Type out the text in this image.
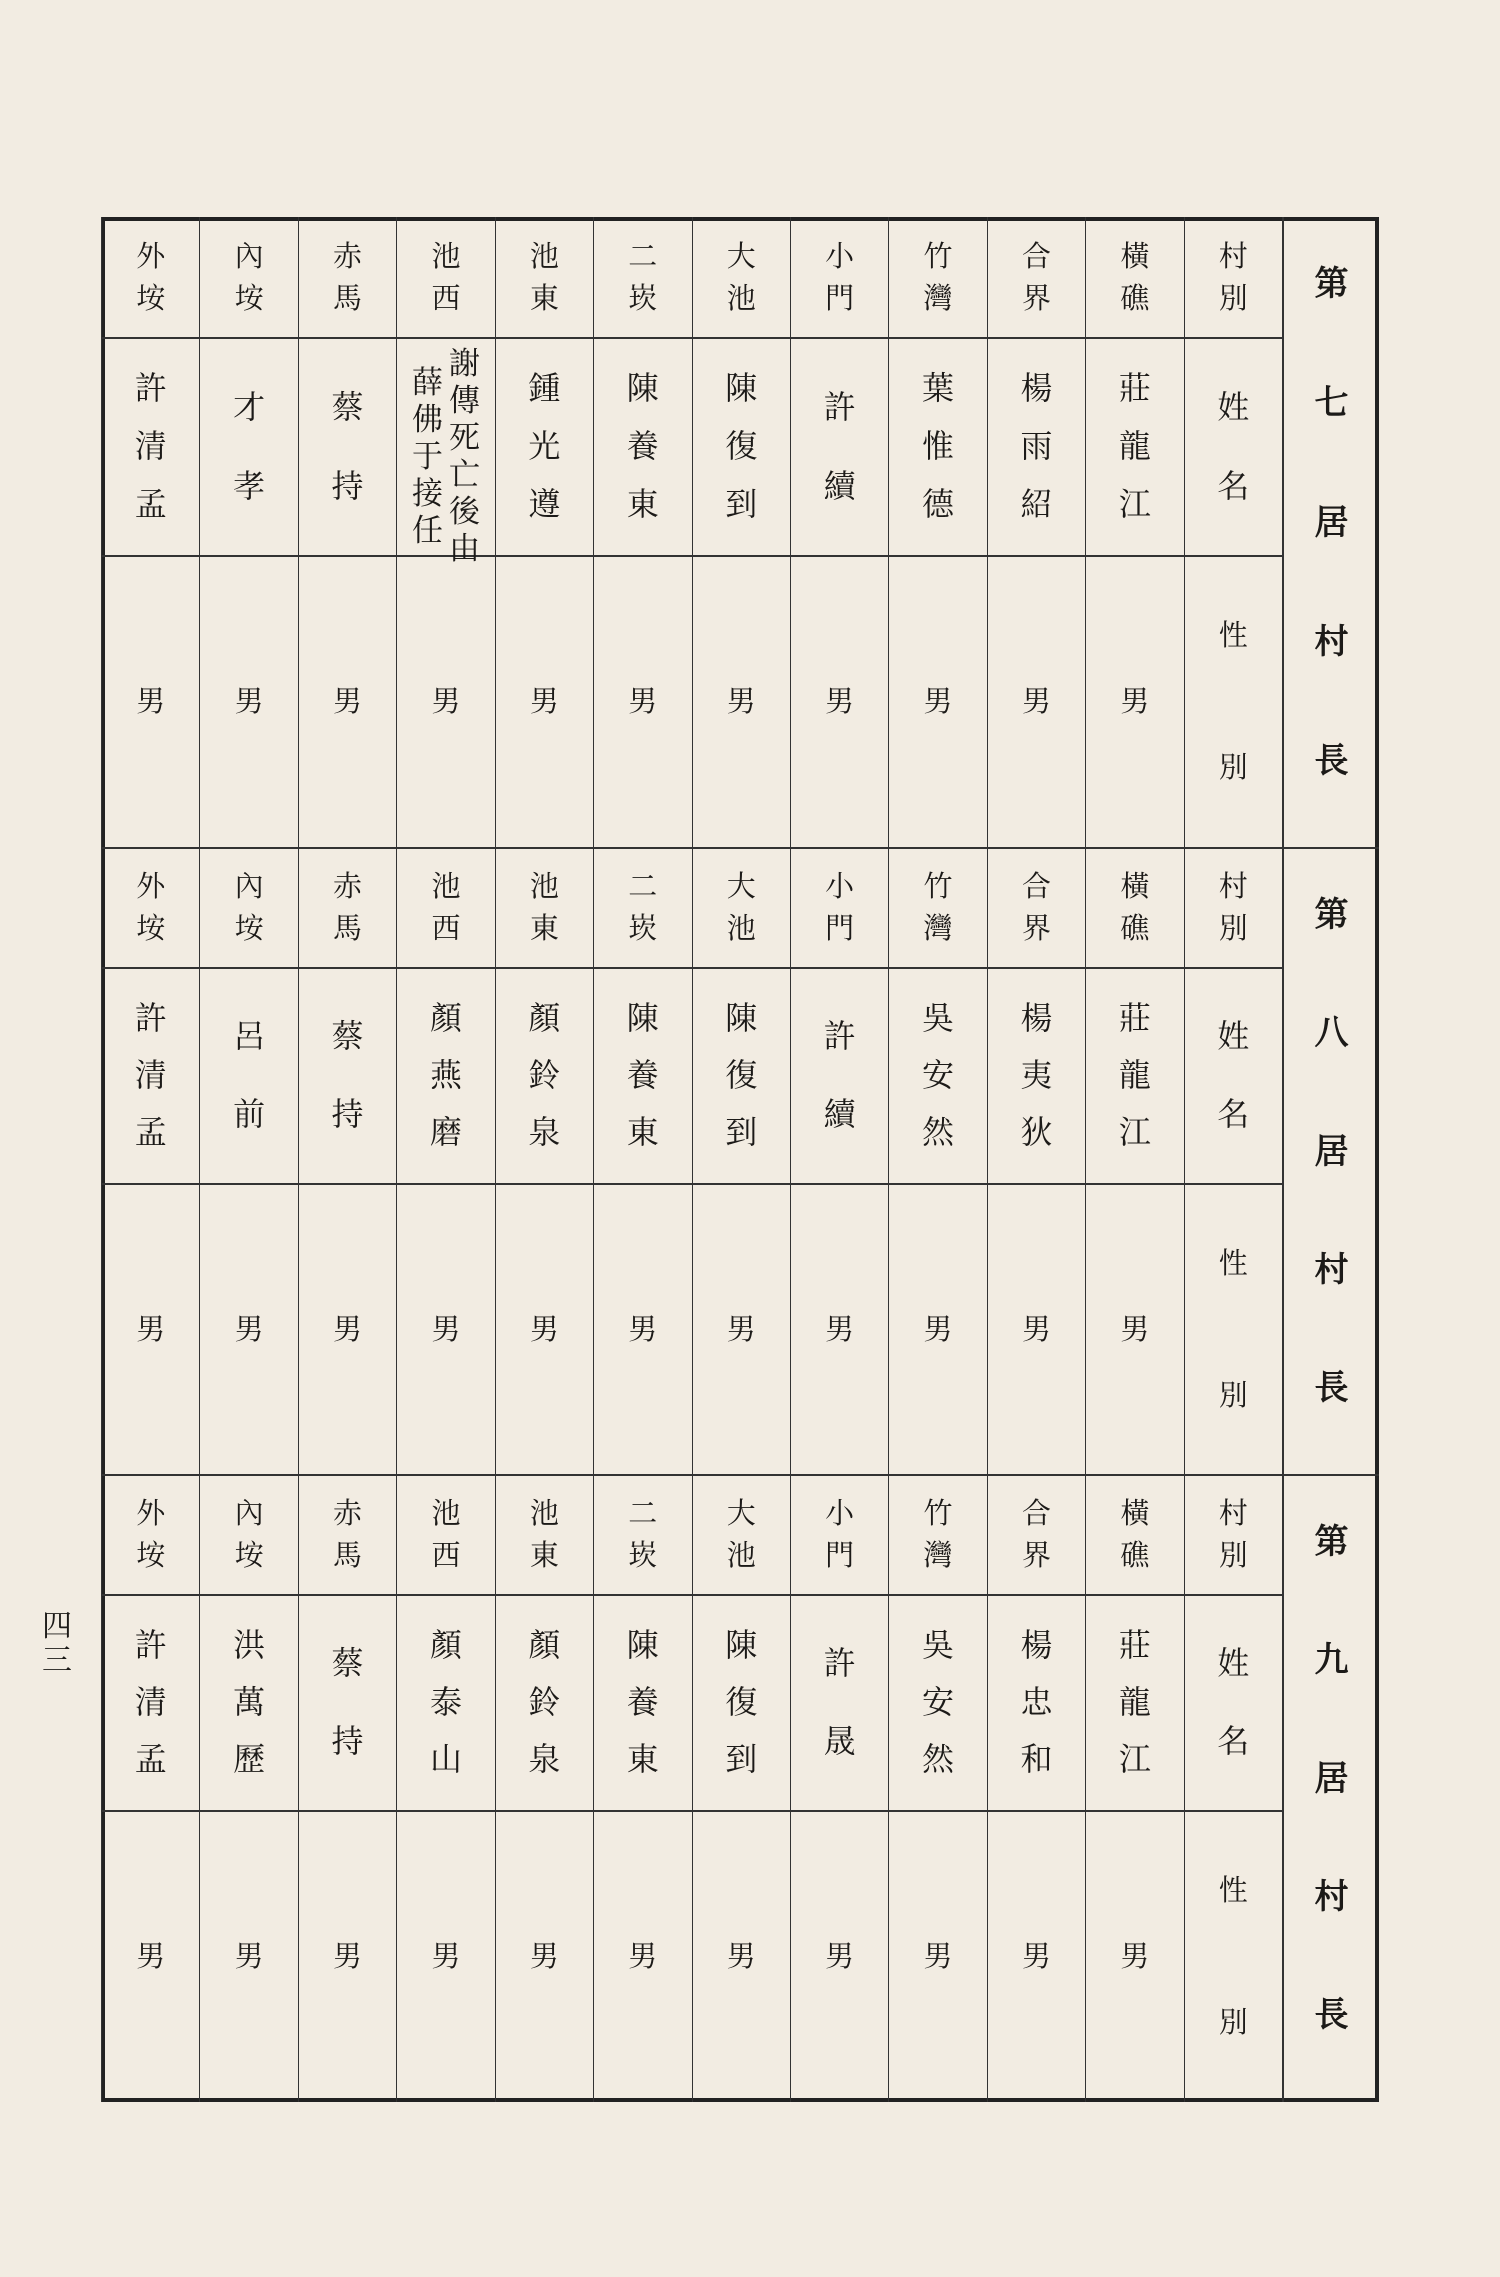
第
七
居
村
長
村
別
姓
名
性
別
橫
礁
莊
龍
江
男
合
界
楊
雨
紹
男
竹
灣
葉
惟
德
男
小
門
許
續
男
大
池
陳
復
到
男
二
崁
陳
養
東
男
池
東
鍾
光
遵
男
池
西
謝
傳
死
亡
後
由
薛
佛
于
接
任
男
赤
馬
蔡
持
男
內
垵
才
孝
男
外
垵
許
清
孟
男
第
八
居
村
長
村
別
姓
名
性
別
橫
礁
莊
龍
江
男
合
界
楊
夷
狄
男
竹
灣
吳
安
然
男
小
門
許
續
男
大
池
陳
復
到
男
二
崁
陳
養
東
男
池
東
顏
鈴
泉
男
池
西
顏
燕
磨
男
赤
馬
蔡
持
男
內
垵
呂
前
男
外
垵
許
清
孟
男
第
九
居
村
長
村
別
姓
名
性
別
橫
礁
莊
龍
江
男
合
界
楊
忠
和
男
竹
灣
吳
安
然
男
小
門
許
晟
男
大
池
陳
復
到
男
二
崁
陳
養
東
男
池
東
顏
鈴
泉
男
池
西
顏
泰
山
男
赤
馬
蔡
持
男
內
垵
洪
萬
歷
男
外
垵
許
清
孟
男
四
三
